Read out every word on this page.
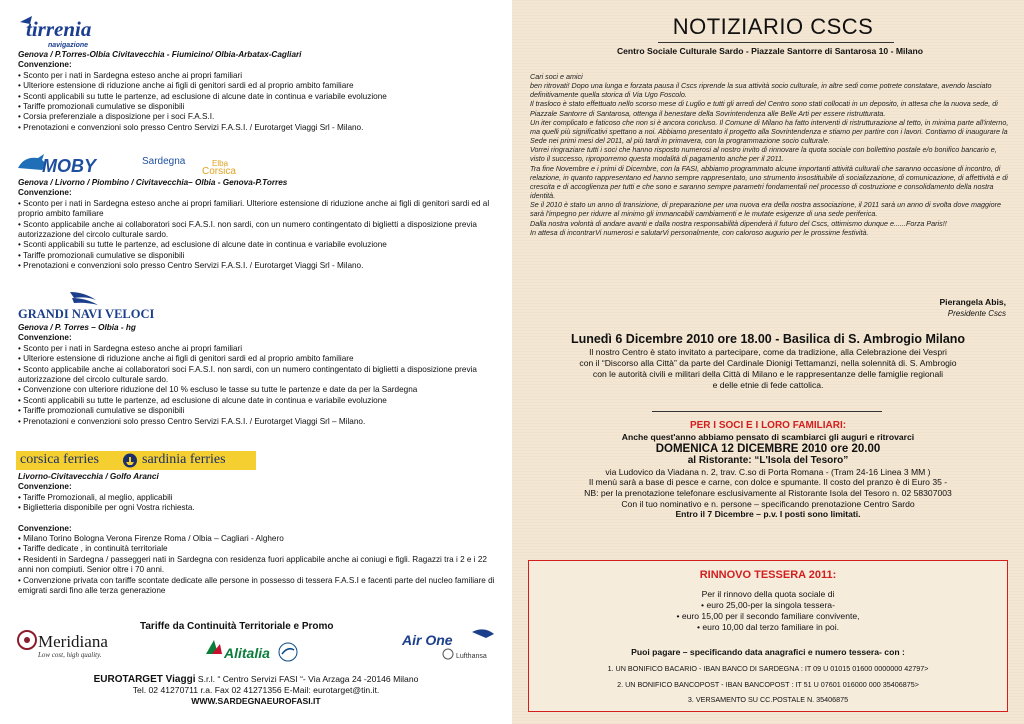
tirrenia
navigazione
Genova / P.Torres-Olbia Civitavecchia - Fiumicino/ Olbia-Arbatax-Cagliari
Convenzione:
• Sconto per i nati in Sardegna esteso anche ai propri familiari
• Ulteriore estensione di riduzione anche ai figli di genitori sardi ed al proprio ambito familiare
• Sconti applicabili su tutte le partenze, ad esclusione di alcune date in continua e variabile evoluzione
• Tariffe promozionali cumulative se disponibili
• Corsia preferenziale a disposizione per i soci F.A.S.I.
• Prenotazioni e convenzioni solo presso Centro Servizi F.A.S.I. / Eurotarget Viaggi Srl - Milano.
MOBY	Sardegna	Elba
Corsica
Genova / Livorno / Piombino / Civitavecchia– Olbia - Genova-P.Torres
Convenzione:
• Sconto per i nati in Sardegna esteso anche ai propri familiari. Ulteriore estensione di riduzione anche ai figli di genitori sardi ed al proprio ambito familiare
• Sconto applicabile anche ai collaboratori soci F.A.S.I. non sardi, con un numero contingentato di biglietti a disposizione previa autorizzazione del circolo culturale sardo.
• Sconti applicabili su tutte le partenze, ad esclusione di alcune date in continua e variabile evoluzione
• Tariffe promozionali cumulative se disponibili
• Prenotazioni e convenzioni solo presso Centro Servizi F.A.S.I. / Eurotarget Viaggi Srl - Milano.
GRANDI NAVI VELOCI
Genova / P. Torres – Olbia - hg
Convenzione:
• Sconto per i nati in Sardegna esteso anche ai propri familiari
• Ulteriore estensione di riduzione anche ai figli di genitori sardi ed al proprio ambito familiare
• Sconto applicabile anche ai collaboratori soci F.A.S.I. non sardi, con un numero contingentato di biglietti a disposizione previa autorizzazione del circolo culturale sardo.
• Convenzione con ulteriore riduzione del 10 % escluso le tasse su tutte le partenze e date da per la Sardegna
• Sconti applicabili su tutte le partenze, ad esclusione di alcune date in continua e variabile evoluzione
• Tariffe promozionali cumulative se disponibili
• Prenotazioni e convenzioni solo presso Centro Servizi F.A.S.I. / Eurotarget Viaggi Srl – Milano.
corsica ferries	sardinia ferries
Livorno-Civitavecchia / Golfo Aranci
Convenzione:
• Tariffe Promozionali, al meglio, applicabili
• Biglietteria disponibile per ogni Vostra richiesta.
Convenzione:
• Milano Torino Bologna Verona Firenze Roma / Olbia – Cagliari - Alghero
• Tariffe dedicate , in continuità territoriale
• Residenti in Sardegna / passeggeri nati in Sardegna con residenza fuori applicabile anche ai coniugi e figli. Ragazzi tra i 2 e i 22 anni non compiuti. Senior oltre i 70 anni.
• Convenzione privata con tariffe scontate dedicate alle persone in possesso di tessera F.A.S.I e facenti parte del nucleo familiare di emigrati sardi fino alle terza generazione
Tariffe da Continuità Territoriale e Promo
Meridiana
Low cost, high quality.	Alitalia
Air One
Lufthansa
EUROTARGET Viaggi S.r.l. “ Centro Servizi FASI “- Via Arzaga 24 -20146 Milano
Tel. 02 41270711 r.a. Fax 02 41271356 E-Mail: eurotarget@tin.it.
WWW.SARDEGNAEUROFASI.IT
NOTIZIARIO CSCS
Centro Sociale Culturale Sardo - Piazzale Santorre di Santarosa 10 - Milano
Cari soci e amici
ben ritrovati! Dopo una lunga e forzata pausa il Cscs riprende la sua attività socio culturale, in altre sedi come potrete constatare, avendo lasciato definitivamente quella storica di Via Ugo Foscolo.
Il trasloco è stato effettuato nello scorso mese di Luglio e tutti gli arredi del Centro sono stati collocati in un deposito, in attesa che la nuova sede, di Piazzale Santorre di Santarosa, ottenga il benestare della Sovrintendenza alle Belle Arti per essere ristrutturata.
Un iter complicato e faticoso che non si è ancora concluso. Il Comune di Milano ha fatto interventi di ristrutturazione al tetto, in minima parte all'interno, ma quelli più significativi spettano a noi. Abbiamo presentato il progetto alla Sovrintendenza e stiamo per partire con i lavori. Contiamo di inaugurare la Sede nei primi mesi del 2011, al più tardi in primavera, con la programmazione socio culturale.
Vorrei ringraziare tutti i soci che hanno risposto numerosi al nostro invito di rinnovare la quota sociale con bollettino postale e/o bonifico bancario e, visto il successo, riproporremo questa modalità di pagamento anche per il 2011.
Tra fine Novembre e i primi di Dicembre, con la FASI, abbiamo programmato alcune importanti attività culturali che saranno occasione di incontro, di relazione, in quanto rappresentano ed hanno sempre rappresentato, uno strumento insostituibile di socializzazione, di comunicazione, di affettività e di crescita e di accoglienza per tutti e che sono e saranno sempre parametri fondamentali nel processo di costruzione e consolidamento della nostra identità.
Se il 2010 è stato un anno di transizione, di preparazione per una nuova era della nostra associazione, il 2011 sarà un anno di svolta dove maggiore sarà l'impegno per ridurre al minimo gli immancabili cambiamenti e le mutate esigenze di una sede periferica.
Dalla nostra volontà di andare avanti e dalla nostra responsabilità dipenderà il futuro del Cscs, ottimismo dunque e......Forza Paris!!
In attesa di incontrarVi numerosi e salutarVi personalmente, con caloroso augurio per le prossime festività.
Pierangela Abis,
Presidente Cscs
Lunedì 6 Dicembre 2010 ore 18.00 - Basilica di S. Ambrogio Milano
Il nostro Centro è stato invitato a partecipare, come da tradizione, alla Celebrazione dei Vespri
con il “Discorso alla Città” da parte del Cardinale Dionigi Tettamanzi, nella solennità di. S. Ambrogio
con le autorità civili e militari della Città di Milano e le rappresentanze delle famiglie regionali
e delle etnie di fede cattolica.
PER I SOCI E I LORO FAMILIARI:
Anche quest'anno abbiamo pensato di scambiarci gli auguri e ritrovarci
DOMENICA 12 DICEMBRE 2010 ore 20.00
al Ristorante: “L'Isola del Tesoro”
via Ludovico da Viadana n. 2, trav. C.so di Porta Romana - (Tram 24-16 Linea 3 MM )
Il menù sarà a base di pesce e carne, con dolce e spumante. Il costo del pranzo è di Euro 35 -
NB: per la prenotazione telefonare esclusivamente al Ristorante Isola del Tesoro n. 02 58307003
Con il tuo nominativo e n. persone – specificando prenotazione Centro Sardo
Entro il 7 Dicembre – p.v. I posti sono limitati.
RINNOVO TESSERA 2011:
Per il rinnovo della quota sociale di
• euro 25,00-per la singola tessera-
• euro 15,00 per il secondo familiare convivente,
• euro 10,00 dal terzo familiare in poi.
Puoi pagare – specificando data anagrafici e numero tessera- con :
1. UN BONIFICO BACARIO - IBAN BANCO DI SARDEGNA : IT 09 U 01015 01600 0000000 42797>
2. UN BONIFICO BANCOPOST - IBAN BANCOPOST : IT 51 U 07601 016000 000 35406875>
3. VERSAMENTO SU CC.POSTALE N. 35406875
